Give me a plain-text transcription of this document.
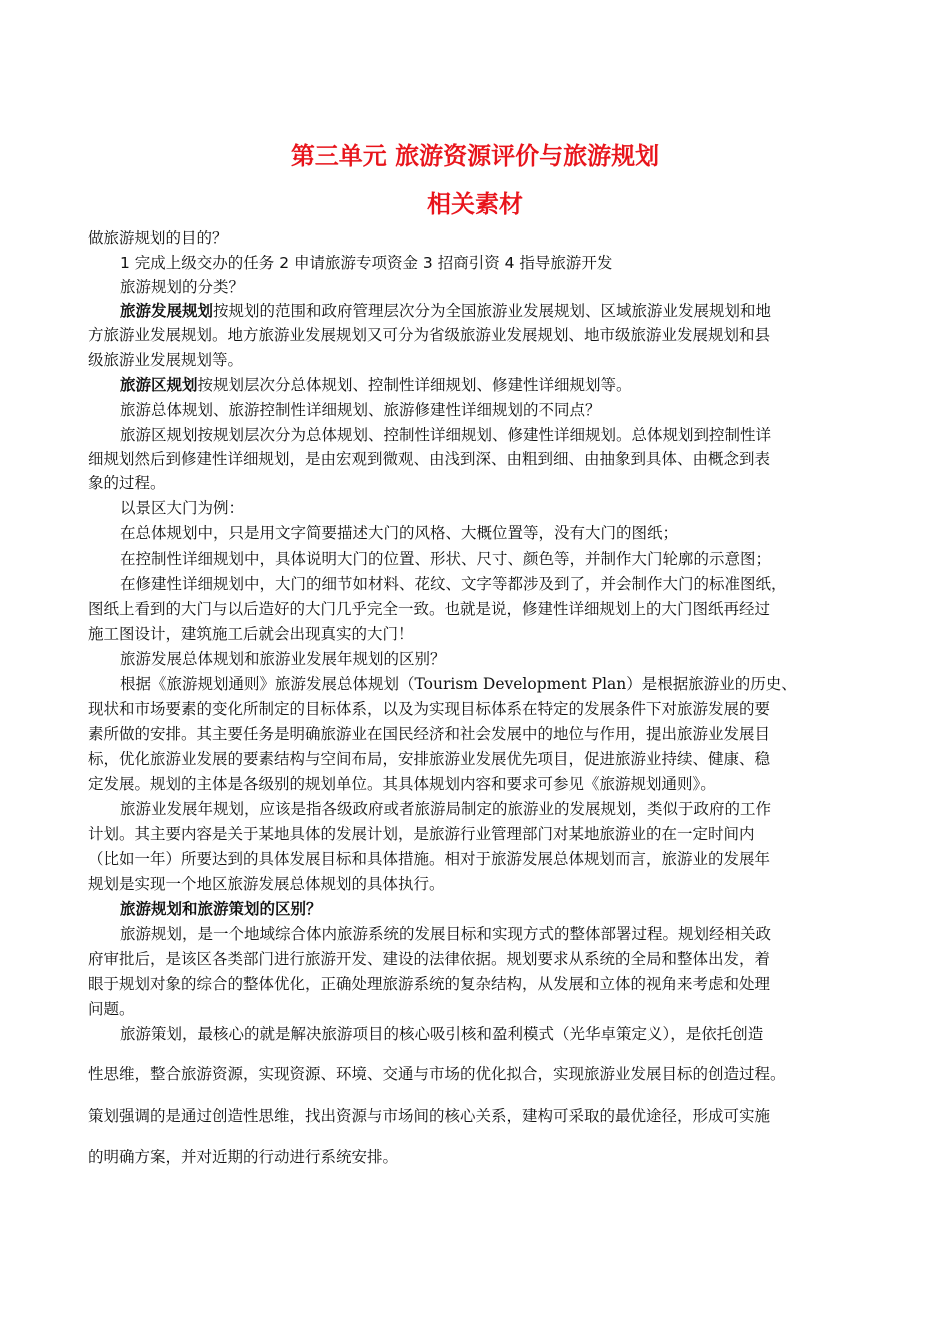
第三单元 旅游资源评价与旅游规划
相关素材

做旅游规划的目的？

1 完成上级交办的任务 2 申请旅游专项资金 3 招商引资 4 指导旅游开发

旅游规划的分类？

旅游发展规划按规划的范围和政府管理层次分为全国旅游业发展规划、区域旅游业发展规划和地

方旅游业发展规划。地方旅游业发展规划又可分为省级旅游业发展规划、地市级旅游业发展规划和县

级旅游业发展规划等。

旅游区规划按规划层次分总体规划、控制性详细规划、修建性详细规划等。

旅游总体规划、旅游控制性详细规划、旅游修建性详细规划的不同点？

旅游区规划按规划层次分为总体规划、控制性详细规划、修建性详细规划。总体规划到控制性详

细规划然后到修建性详细规划，是由宏观到微观、由浅到深、由粗到细、由抽象到具体、由概念到表

象的过程。

以景区大门为例：

在总体规划中，只是用文字简要描述大门的风格、大概位置等，没有大门的图纸；

在控制性详细规划中，具体说明大门的位置、形状、尺寸、颜色等，并制作大门轮廓的示意图；

在修建性详细规划中，大门的细节如材料、花纹、文字等都涉及到了，并会制作大门的标准图纸，

图纸上看到的大门与以后造好的大门几乎完全一致。也就是说，修建性详细规划上的大门图纸再经过

施工图设计，建筑施工后就会出现真实的大门！

旅游发展总体规划和旅游业发展年规划的区别？

根据《旅游规划通则》旅游发展总体规划（Tourism Development Plan）是根据旅游业的历史、

现状和市场要素的变化所制定的目标体系，以及为实现目标体系在特定的发展条件下对旅游发展的要

素所做的安排。其主要任务是明确旅游业在国民经济和社会发展中的地位与作用，提出旅游业发展目

标，优化旅游业发展的要素结构与空间布局，安排旅游业发展优先项目，促进旅游业持续、健康、稳

定发展。规划的主体是各级别的规划单位。其具体规划内容和要求可参见《旅游规划通则》。

旅游业发展年规划，应该是指各级政府或者旅游局制定的旅游业的发展规划，类似于政府的工作

计划。其主要内容是关于某地具体的发展计划，是旅游行业管理部门对某地旅游业的在一定时间内

（比如一年）所要达到的具体发展目标和具体措施。相对于旅游发展总体规划而言，旅游业的发展年

规划是实现一个地区旅游发展总体规划的具体执行。

旅游规划和旅游策划的区别？

旅游规划，是一个地域综合体内旅游系统的发展目标和实现方式的整体部署过程。规划经相关政

府审批后，是该区各类部门进行旅游开发、建设的法律依据。规划要求从系统的全局和整体出发，着

眼于规划对象的综合的整体优化，正确处理旅游系统的复杂结构，从发展和立体的视角来考虑和处理

问题。

旅游策划，最核心的就是解决旅游项目的核心吸引核和盈利模式（光华卓策定义），是依托创造

性思维，整合旅游资源，实现资源、环境、交通与市场的优化拟合，实现旅游业发展目标的创造过程。

策划强调的是通过创造性思维，找出资源与市场间的核心关系，建构可采取的最优途径，形成可实施

的明确方案，并对近期的行动进行系统安排。
